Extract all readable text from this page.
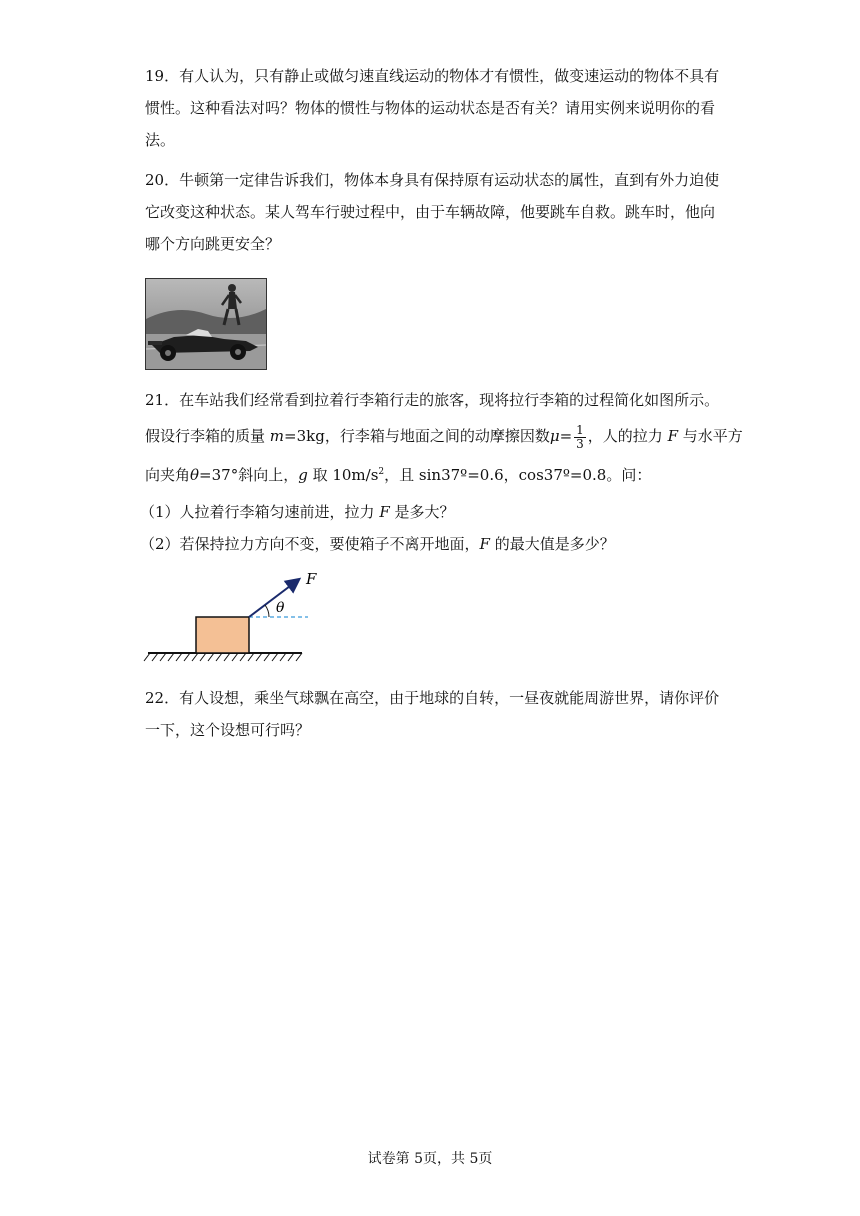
19．有人认为，只有静止或做匀速直线运动的物体才有惯性，做变速运动的物体不具有
惯性。这种看法对吗？物体的惯性与物体的运动状态是否有关？请用实例来说明你的看
法。
20．牛顿第一定律告诉我们，物体本身具有保持原有运动状态的属性，直到有外力迫使
它改变这种状态。某人驾车行驶过程中，由于车辆故障，他要跳车自救。跳车时，他向
哪个方向跳更安全？
21．在车站我们经常看到拉着行李箱行走的旅客，现将拉行李箱的过程简化如图所示。
假设行李箱的质量 m=3kg，行李箱与地面之间的动摩擦因数$\mu= \frac{1}{3}$ ，人的拉力 F 与水平方
向夹角θ=37°斜向上，g 取 $10m/s^2$，且 sin37º=0.6，cos37º=0.8。问：
（1）人拉着行李箱匀速前进，拉力 F 是多大？
（2）若保持拉力方向不变，要使箱子不离开地面，F 的最大值是多少？
θ
F
22．有人设想，乘坐气球飘在高空，由于地球的自转，一昼夜就能周游世界，请你评价
一下，这个设想可行吗？
试卷第 5页，共 5页
